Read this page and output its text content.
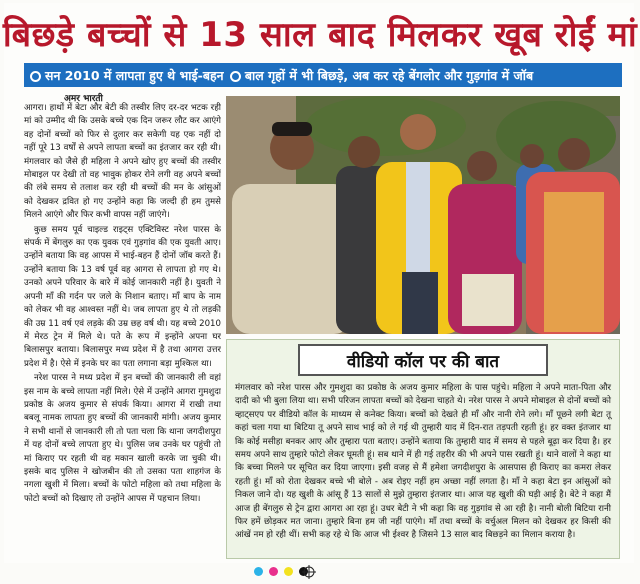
बिछड़े बच्चों से 13 साल बाद मिलकर खूब रोईं मां
सन 2010 में लापता हुए थे भाई-बहन बाल गृहों में भी बिछड़े, अब कर रहे बेंगलोर और गुड़गांव में जॉब
अमर भारती

आगरा। हाथों में बेटा और बेटी की तस्वीर लिए दर-दर भटक रही मां को उम्मीद थी कि उसके बच्चे एक दिन जरूर लौट कर आएंगे वह दोनों बच्चों को फिर से दुलार कर सकेगी यह एक नहीं दो नहीं पूरे 13 वर्षों से अपने लापता बच्चों का इंतजार कर रही थी। मंगलवार को जैसे ही महिला ने अपने खोए हुए बच्चों की तस्वीर मोबाइल पर देखी तो वह भावुक होकर रोने लगी वह अपने बच्चों की लंबे समय से तलाश कर रही थी बच्चों की मन के आंसुओं को देखकर द्रवित हो गए उन्होंने कहा कि जल्दी ही हम तुमसे मिलने आएंगे और फिर कभी वापस नहीं जाएंगे।

कुछ समय पूर्व चाइल्ड राइट्स एक्टिविस्ट नरेश पारस के संपर्क में बेंगलुरु का एक युवक एवं गुड़गांव की एक युवती आए। उन्होंने बताया कि वह आपस में भाई-बहन हैं दोनों जॉब करते हैं। उन्होंने बताया कि 13 वर्ष पूर्व वह आगरा से लापता हो गए थे। उनको अपने परिवार के बारे में कोई जानकारी नहीं है। युवती ने अपनी माँ की गर्दन पर जले के निशान बताए। माँ बाप के नाम को लेकर भी वह आश्वस्त नहीं थे। जब लापता हुए थे तो लड़की की उम्र 11 वर्ष एवं लड़के की उम्र छह वर्ष थी। यह बच्चे 2010 में मेरठ ट्रेन में मिले थे। पते के रूप में इन्होंने अपना घर बिलासपुर बताया। बिलासपुर मध्य प्रदेश में है तथा आगरा उत्तर प्रदेश में है। ऐसे में इनके घर का पता लगाना बड़ा मुश्किल था।

नरेश पारस ने मध्य प्रदेश में इन बच्चों की जानकारी ली वहां इस नाम के बच्चे लापता नहीं मिले। ऐसे में उन्होंने आगरा गुमशुदा प्रकोष्ठ के अजय कुमार से संपर्क किया। आगरा में राखी तथा बबलू नामक लापता हुए बच्चों की जानकारी मांगी। अजय कुमार ने सभी थानों से जानकारी ली तो पता चला कि थाना जगदीशपुरा में यह दोनों बच्चे लापता हुए थे। पुलिस जब उनके घर पहुंची तो मां किराए पर रहती थी वह मकान खाली करके जा चुकी थी। इसके बाद पुलिस ने खोजबीन की तो उसका पता शाहगंज के नगला खुशी में मिला। बच्चों के फोटो महिला को तथा महिला के फोटो बच्चों को दिखाए तो उन्होंने आपस में पहचान लिया।

वीडियो कॉल पर की बात
मंगलवार को नरेश पारस और गुमशुदा का प्रकोष्ठ के अजय कुमार महिला के पास पहुंचे। महिला ने अपने माता-पिता और दादी को भी बुला लिया था। सभी परिजन लापता बच्चों को देखना चाहते थे। नरेश पारस ने अपने मोबाइल से दोनों बच्चों को व्हाट्सएप पर वीडियो कॉल के माध्यम से कनेक्ट किया। बच्चों को देखते ही माँ और नानी रोने लगे। माँ पूछने लगी बेटा तू कहां चला गया था बिटिया तू अपने साथ भाई को ले गई थी तुम्हारी याद में दिन-रात तड़पती रहती हूं। हर वक्त इंतजार था कि कोई मसीहा बनकर आए और तुम्हारा पता बताए। उन्होंने बताया कि तुम्हारी याद में समय से पहले बूढ़ा कर दिया है। हर समय अपने साथ तुम्हारे फोटो लेकर घूमती हूं। सब थाने में ही गई तहरीर की भी अपने पास रखती हूं। थाने वालों ने कहा था कि बच्चा मिलने पर सूचित कर दिया जाएगा। इसी वजह से मैं हमेशा जगदीशपुरा के आसपास ही किराए का कमरा लेकर रहती हूं। माँ को रोता देखकर बच्चे भी बोले - अब रोइए नहीं हम अच्छा नहीं लगता है। माँ ने कहा बेटा इन आंसुओं को निकल जाने दो। यह खुशी के आंसू हैं 13 सालों से मुझे तुम्हारा इंतजार था। आज यह खुशी की घड़ी आई है। बेटे ने कहा मैं आज ही बेंगलुरु से ट्रेन द्वारा आगरा आ रहा हूं। उधर बेटी ने भी कहा कि वह गुड़गांव से आ रही है। नानी बोली बिटिया रानी फिर हमें छोड़कर मत जाना। तुम्हारे बिना हम जी नहीं पाएंगे। माँ तथा बच्चों के वर्चुअल मिलन को देखकर हर किसी की आंखें नम हो रही थीं। सभी कह रहे थे कि आज भी ईश्वर है जिसने 13 साल बाद बिछड़ने का मिलान कराया है।
